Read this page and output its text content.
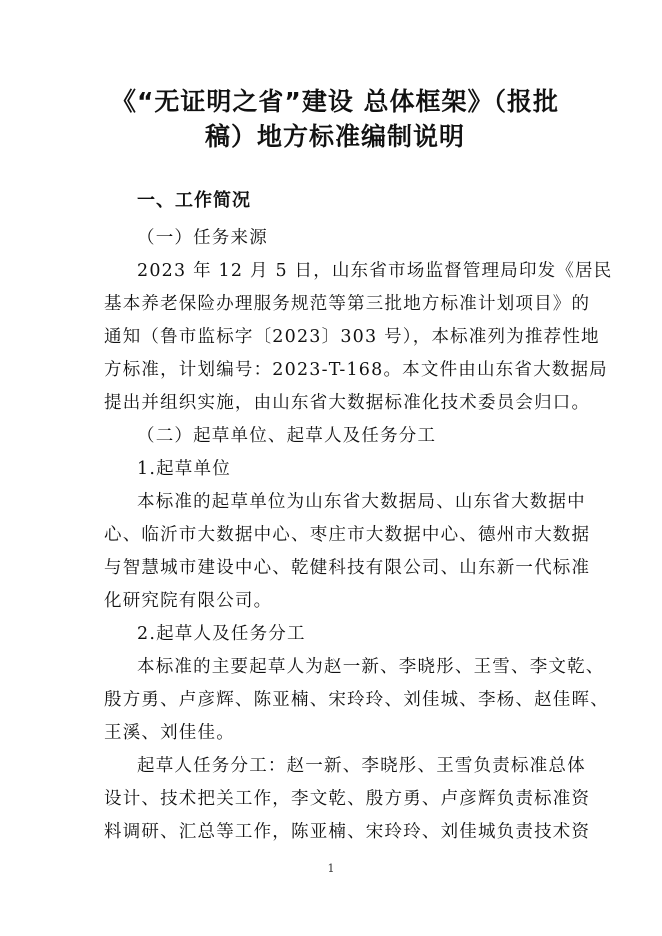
《“无证明之省”建设 总体框架》（报批
稿）地方标准编制说明
一、工作简况
（一）任务来源
2023 年 12 月 5 日，山东省市场监督管理局印发《居民
基本养老保险办理服务规范等第三批地方标准计划项目》的
通知（鲁市监标字〔2023〕303 号），本标准列为推荐性地
方标准，计划编号：2023-T-168。本文件由山东省大数据局
提出并组织实施，由山东省大数据标准化技术委员会归口。
（二）起草单位、起草人及任务分工
1.起草单位
本标准的起草单位为山东省大数据局、山东省大数据中
心、临沂市大数据中心、枣庄市大数据中心、德州市大数据
与智慧城市建设中心、乾健科技有限公司、山东新一代标准
化研究院有限公司。
2.起草人及任务分工
本标准的主要起草人为赵一新、李晓彤、王雪、李文乾、
殷方勇、卢彦辉、陈亚楠、宋玲玲、刘佳城、李杨、赵佳晖、
王溪、刘佳佳。
起草人任务分工：赵一新、李晓彤、王雪负责标准总体
设计、技术把关工作，李文乾、殷方勇、卢彦辉负责标准资
料调研、汇总等工作，陈亚楠、宋玲玲、刘佳城负责技术资
1
